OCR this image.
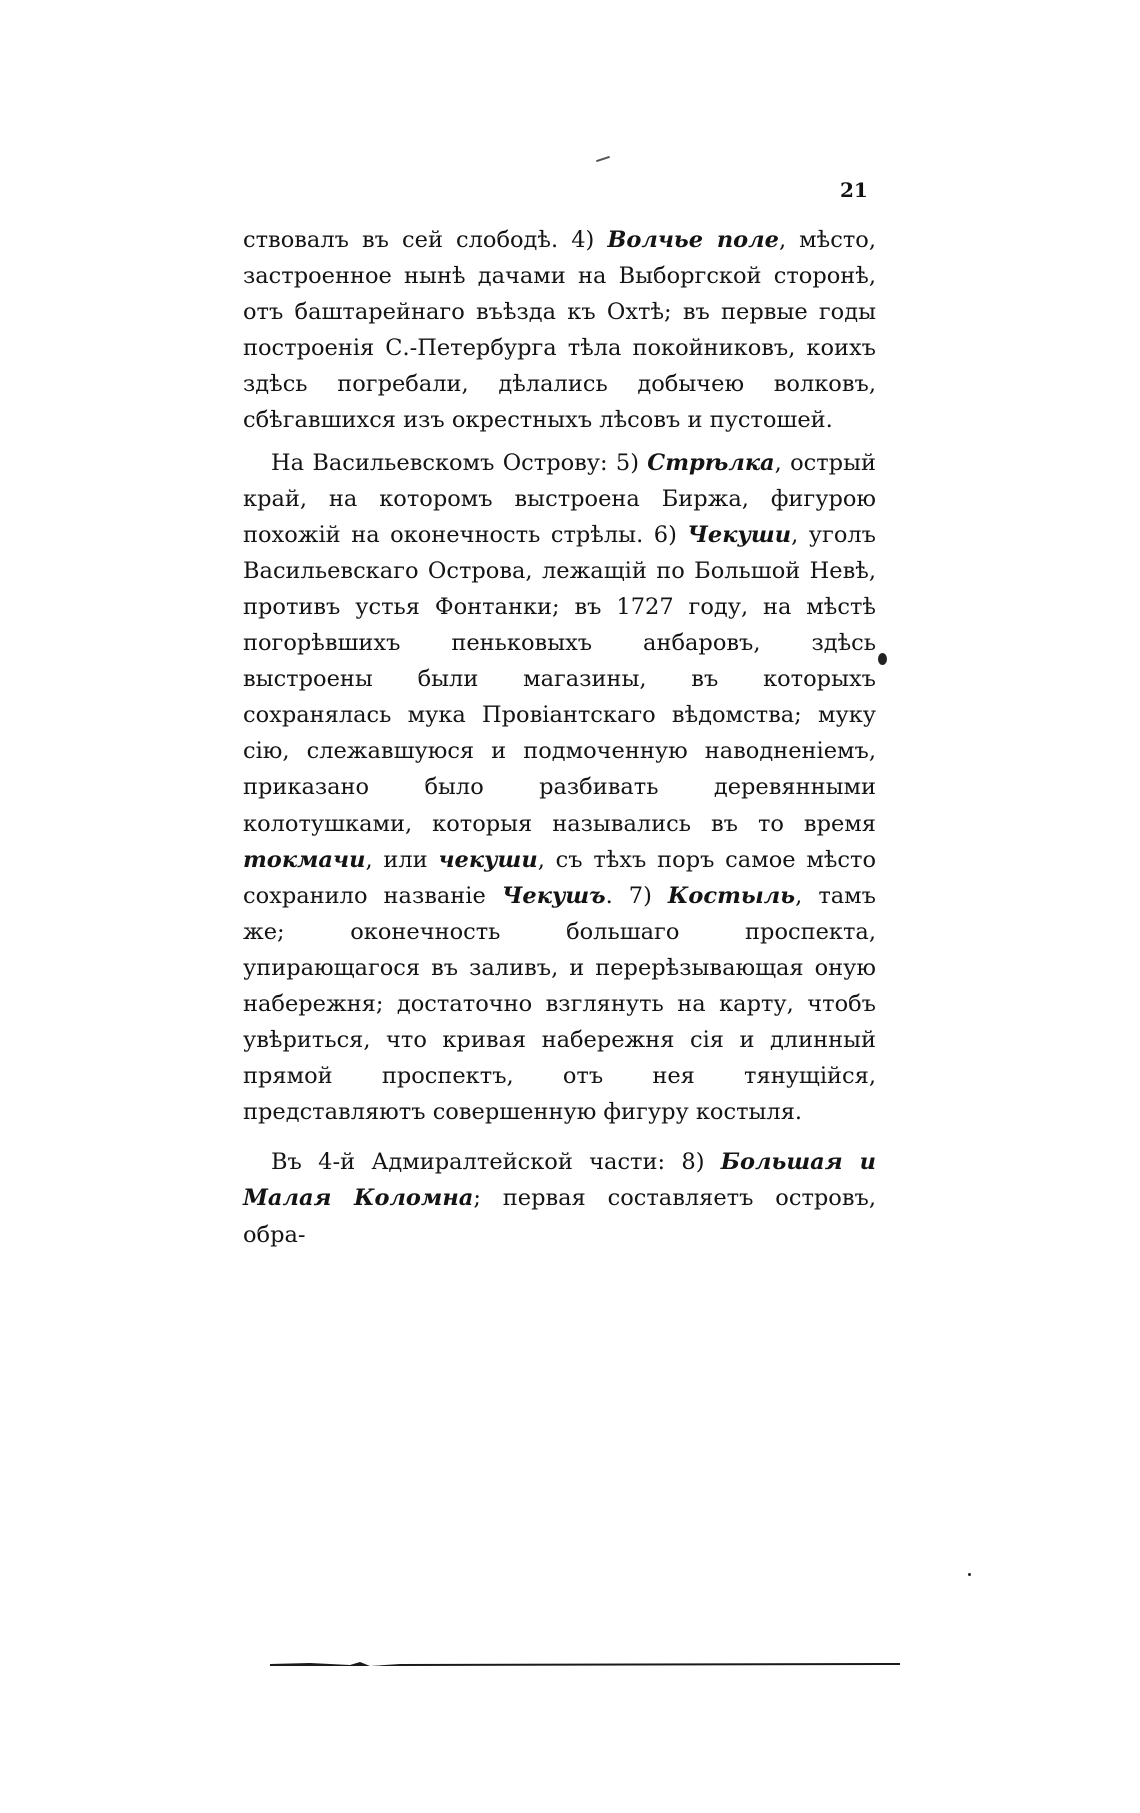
21

ствовалъ въ сей слободѣ. 4) Волчье поле, мѣсто, застроенное нынѣ дачами на Выборгской сторонѣ, отъ баштарейнаго въѣзда къ Охтѣ; въ первые годы построенія С.-Петербурга тѣла покойниковъ, коихъ здѣсь погребали, дѣлались добычею волковъ, сбѣгавшихся изъ окрестныхъ лѣсовъ и пустошей.

На Васильевскомъ Острову: 5) Стрѣлка, острый край, на которомъ выстроена Биржа, фигурою похожій на оконечность стрѣлы. 6) Чекуши, уголъ Васильевскаго Острова, лежащій по Большой Невѣ, противъ устья Фонтанки; въ 1727 году, на мѣстѣ погорѣвшихъ пеньковыхъ анбаровъ, здѣсь выстроены были магазины, въ которыхъ сохранялась мука Провіантскаго вѣдомства; муку сію, слежавшуюся и подмоченную наводненіемъ, приказано было разбивать деревянными колотушками, которыя назывались въ то время токмачи, или чекуши, съ тѣхъ поръ самое мѣсто сохранило названіе Чекушъ. 7) Костыль, тамъ же; оконечность большаго проспекта, упирающагося въ заливъ, и перерѣзывающая оную набережня; достаточно взглянуть на карту, чтобъ увѣриться, что кривая набережня сія и длинный прямой проспектъ, отъ нея тянущійся, представляютъ совершенную фигуру костыля.

Въ 4-й Адмиралтейской части: 8) Большая и Малая Коломна; первая составляетъ островъ, обра-
